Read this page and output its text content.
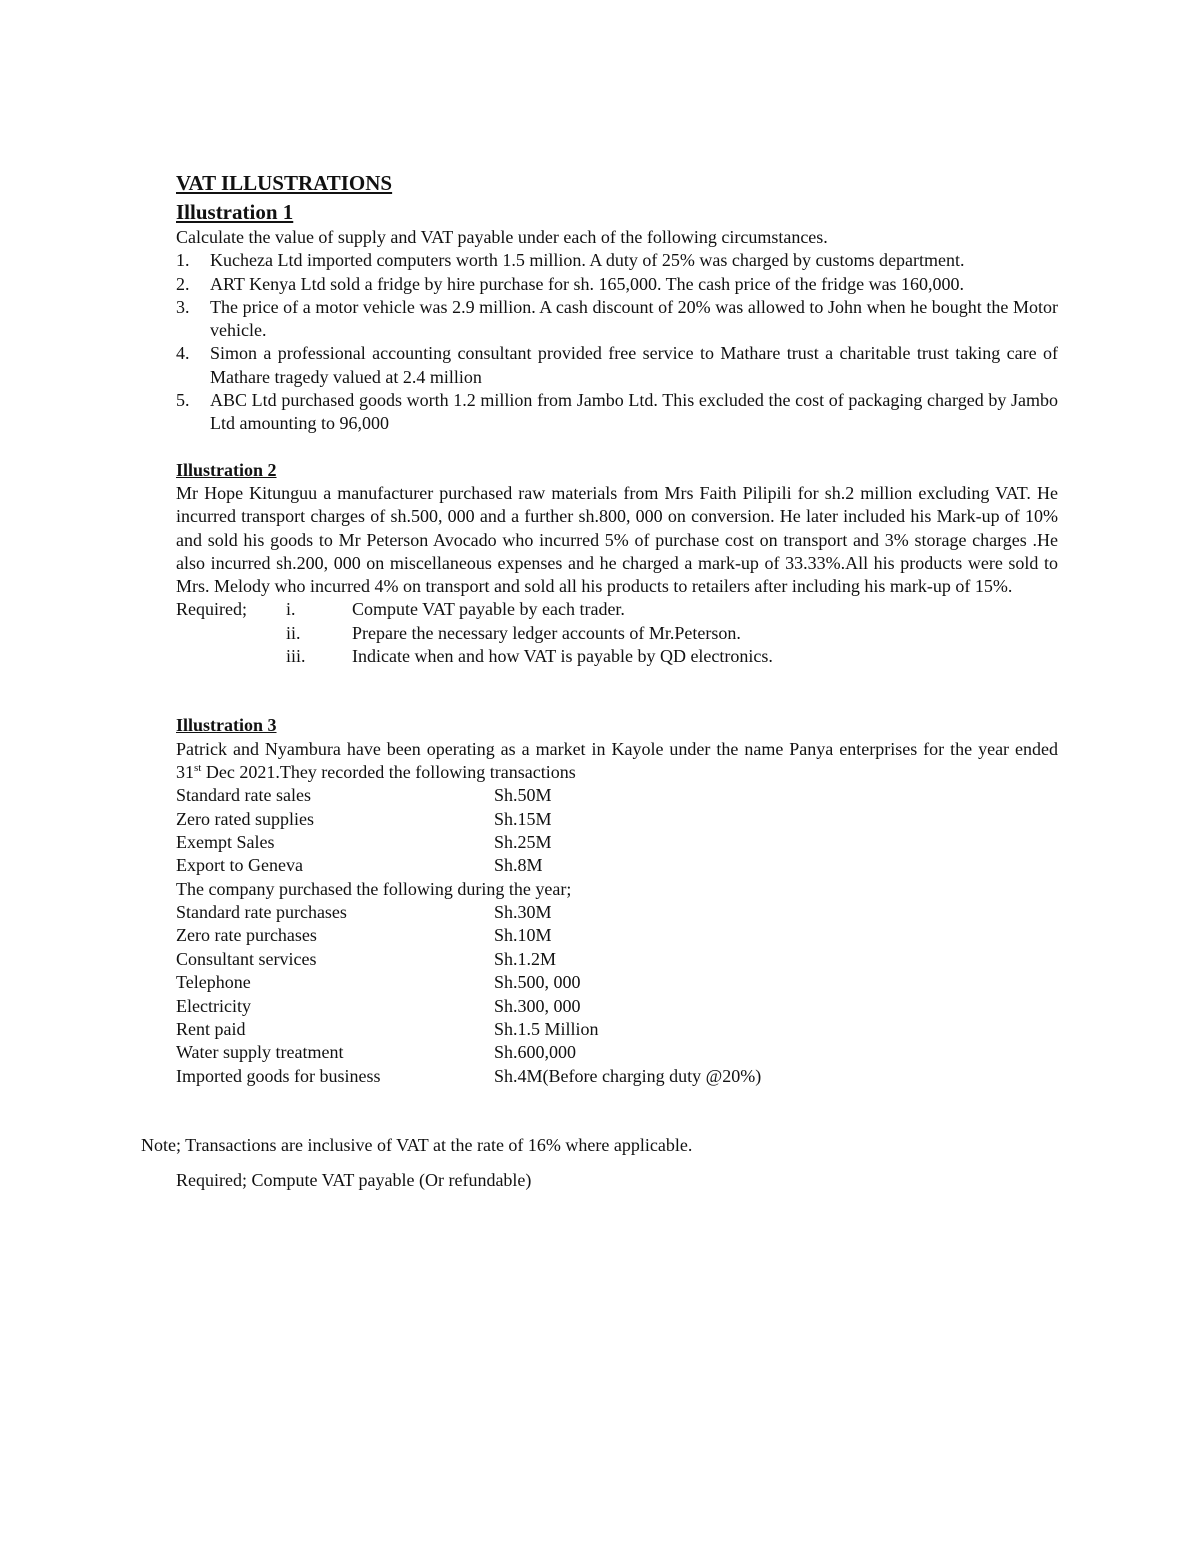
VAT ILLUSTRATIONS
Illustration 1

Calculate the value of supply and VAT payable under each of the following circumstances.

1. Kucheza Ltd imported computers worth 1.5 million. A duty of 25% was charged by customs department.
2. ART Kenya Ltd sold a fridge by hire purchase for sh. 165,000. The cash price of the fridge was 160,000.
3. The price of a motor vehicle was 2.9 million. A cash discount of 20% was allowed to John when he bought the Motor vehicle.
4. Simon a professional accounting consultant provided free service to Mathare trust a charitable trust taking care of Mathare tragedy valued at 2.4 million
5. ABC Ltd purchased goods worth 1.2 million from Jambo Ltd. This excluded the cost of packaging charged by Jambo Ltd amounting to 96,000
Illustration 2

Mr Hope Kitunguu a manufacturer purchased raw materials from Mrs Faith Pilipili for sh.2 million excluding VAT. He incurred transport charges of sh.500, 000 and a further sh.800, 000 on conversion. He later included his Mark-up of 10% and sold his goods to Mr Peterson Avocado who incurred 5% of purchase cost on transport and 3% storage charges .He also incurred sh.200, 000 on miscellaneous expenses and he charged a mark-up of 33.33%.All his products were sold to Mrs. Melody who incurred 4% on transport and sold all his products to retailers after including his mark-up of 15%.

Required; i.	Compute VAT payable by each trader.
ii.	Prepare the necessary ledger accounts of Mr.Peterson.
iii.	Indicate when and how VAT is payable by QD electronics.
Illustration 3

Patrick and Nyambura have been operating as a market in Kayole under the name Panya enterprises for the year ended 31st Dec 2021.They recorded the following transactions

Standard rate sales	Sh.50M
Zero rated supplies	Sh.15M
Exempt Sales	Sh.25M
Export to Geneva	Sh.8M

The company purchased the following during the year;

Standard rate purchases	Sh.30M
Zero rate purchases	Sh.10M
Consultant services	Sh.1.2M
Telephone	Sh.500, 000
Electricity	Sh.300, 000
Rent paid	Sh.1.5 Million
Water supply treatment	Sh.600,000
Imported goods for business	Sh.4M(Before charging duty @20%)

Note; Transactions are inclusive of VAT at the rate of 16% where applicable.

Required; Compute VAT payable (Or refundable)
